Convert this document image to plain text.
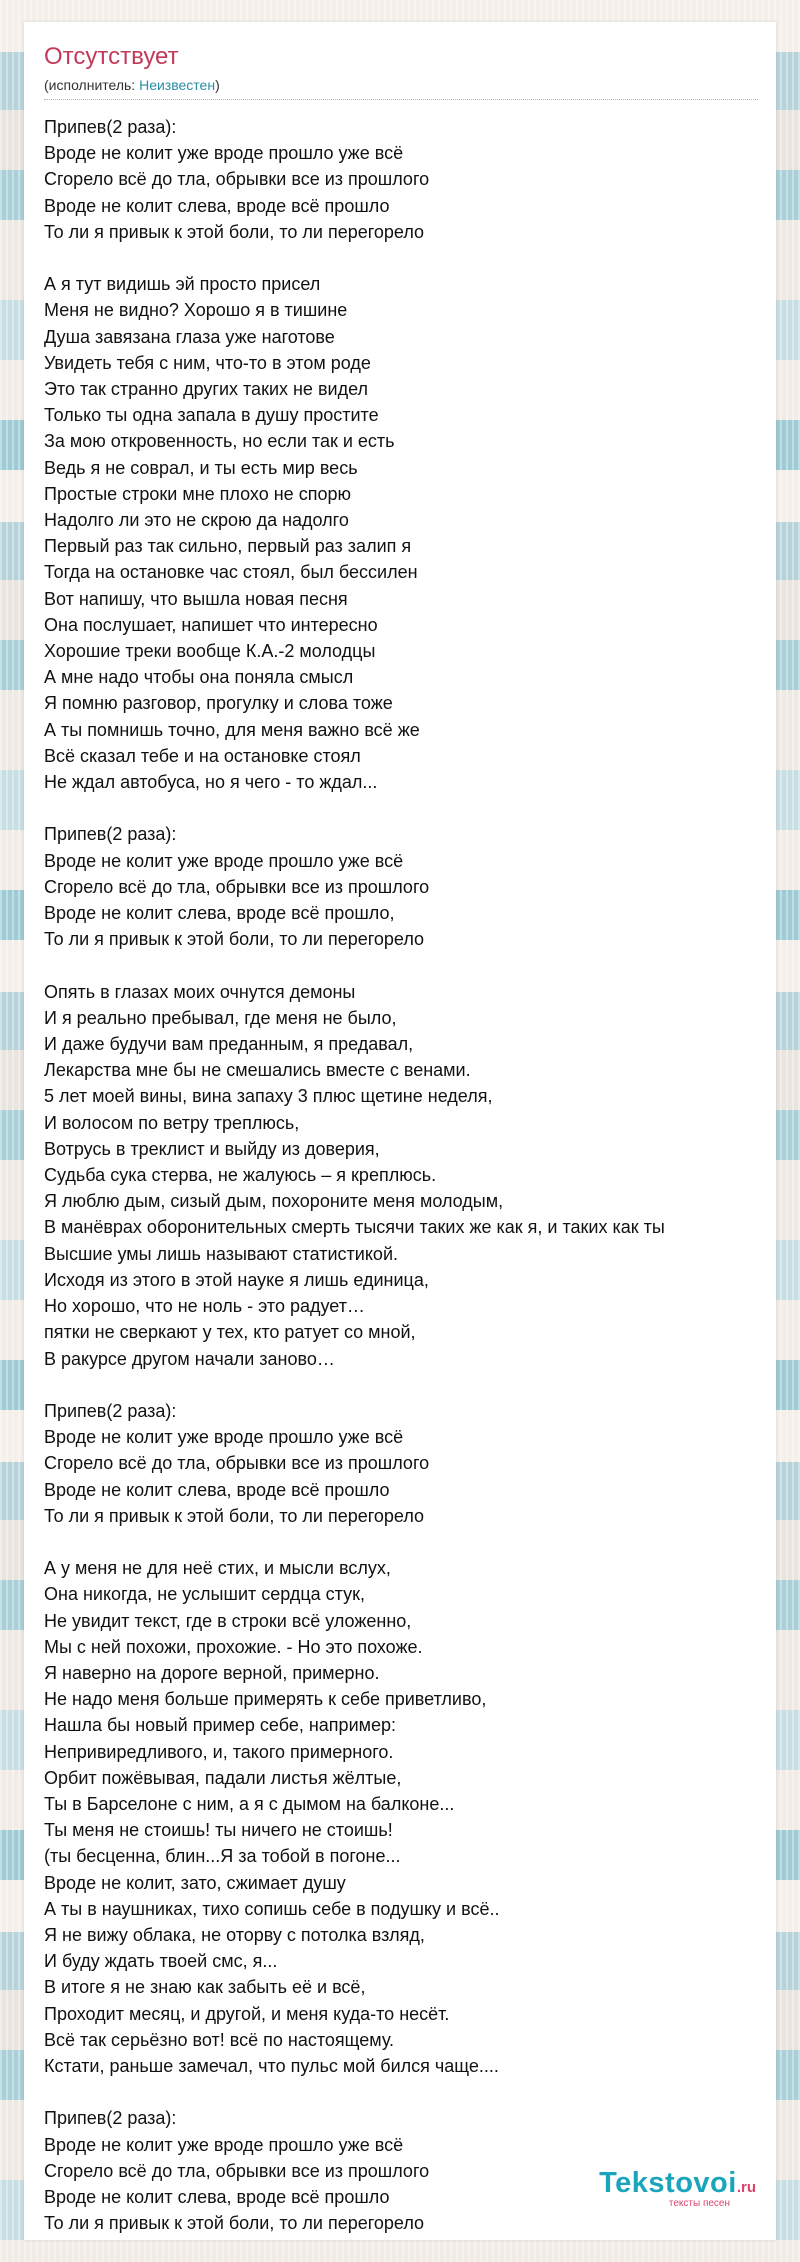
Отсутствует
(исполнитель: Неизвестен)
Припев(2 раза):
Вроде не колит уже вроде прошло уже всё
Сгорело всё до тла, обрывки все из прошлого
Вроде не колит слева, вроде всё прошло
То ли я привык к этой боли, то ли перегорело
А я тут видишь эй просто присел
Меня не видно? Хорошо я в тишине
Душа завязана глаза уже наготове
Увидеть тебя с ним, что-то в этом роде
Это так странно других таких не видел
Только ты одна запала в душу простите
За мою откровенность, но если так и есть
Ведь я не соврал, и ты есть мир весь
Простые строки мне плохо не спорю
Надолго ли это не скрою да надолго
Первый раз так сильно, первый раз залип я
Тогда на остановке час стоял, был бессилен
Вот напишу, что вышла новая песня
Она послушает, напишет что интересно
Хорошие треки вообще К.А.-2 молодцы
А мне надо чтобы она поняла смысл
Я помню разговор, прогулку и слова тоже
А ты помнишь точно, для меня важно всё же
Всё сказал тебе и на остановке стоял
Не ждал автобуса, но я чего - то ждал...
Припев(2 раза):
Вроде не колит уже вроде прошло уже всё
Сгорело всё до тла, обрывки все из прошлого
Вроде не колит слева, вроде всё прошло,
То ли я привык к этой боли, то ли перегорело
Опять в глазах моих очнутся демоны
И я реально пребывал, где меня не было,
И даже будучи вам преданным, я предавал,
Лекарства мне бы не смешались вместе с венами.
5 лет моей вины, вина запаху 3 плюс щетине неделя,
И волосом по ветру треплюсь,
Вотрусь в треклист и выйду из доверия,
Судьба сука стерва, не жалуюсь – я креплюсь.
Я люблю дым, сизый дым, похороните меня молодым,
В манёврах оборонительных смерть тысячи таких же как я, и таких как ты
Высшие умы лишь называют статистикой.
Исходя из этого в этой науке я лишь единица,
Но хорошо, что не ноль - это радует…
пятки не сверкают у тех, кто ратует со мной,
В ракурсе другом начали заново…
Припев(2 раза):
Вроде не колит уже вроде прошло уже всё
Сгорело всё до тла, обрывки все из прошлого
Вроде не колит слева, вроде всё прошло
То ли я привык к этой боли, то ли перегорело
А у меня не для неё стих, и мысли вслух,
Она никогда, не услышит сердца стук,
Не увидит текст, где в строки всё уложенно,
Мы с ней похожи, прохожие. - Но это похоже.
Я наверно на дороге верной, примерно.
Не надо меня больше примерять к себе приветливо,
Нашла бы новый пример себе, например:
Непривиредливого, и, такого примерного.
Орбит пожёвывая, падали листья жёлтые,
Ты в Барселоне с ним, а я с дымом на балконе...
Ты меня не стоишь! ты ничего не стоишь!
(ты бесценна, блин...Я за тобой в погоне...
Вроде не колит, зато, сжимает душу
А ты в наушниках, тихо сопишь себе в подушку и всё..
Я не вижу облака, не оторву с потолка взляд,
И буду ждать твоей смс, я...
В итоге я не знаю как забыть её и всё,
Проходит месяц, и другой, и меня куда-то несёт.
Всё так серьёзно вот! всё по настоящему.
Кстати, раньше замечал, что пульс мой бился чаще....
Припев(2 раза):
Вроде не колит уже вроде прошло уже всё
Сгорело всё до тла, обрывки все из прошлого
Вроде не колит слева, вроде всё прошло
То ли я привык к этой боли, то ли перегорело
Tekstovoi.ru
тексты песен
